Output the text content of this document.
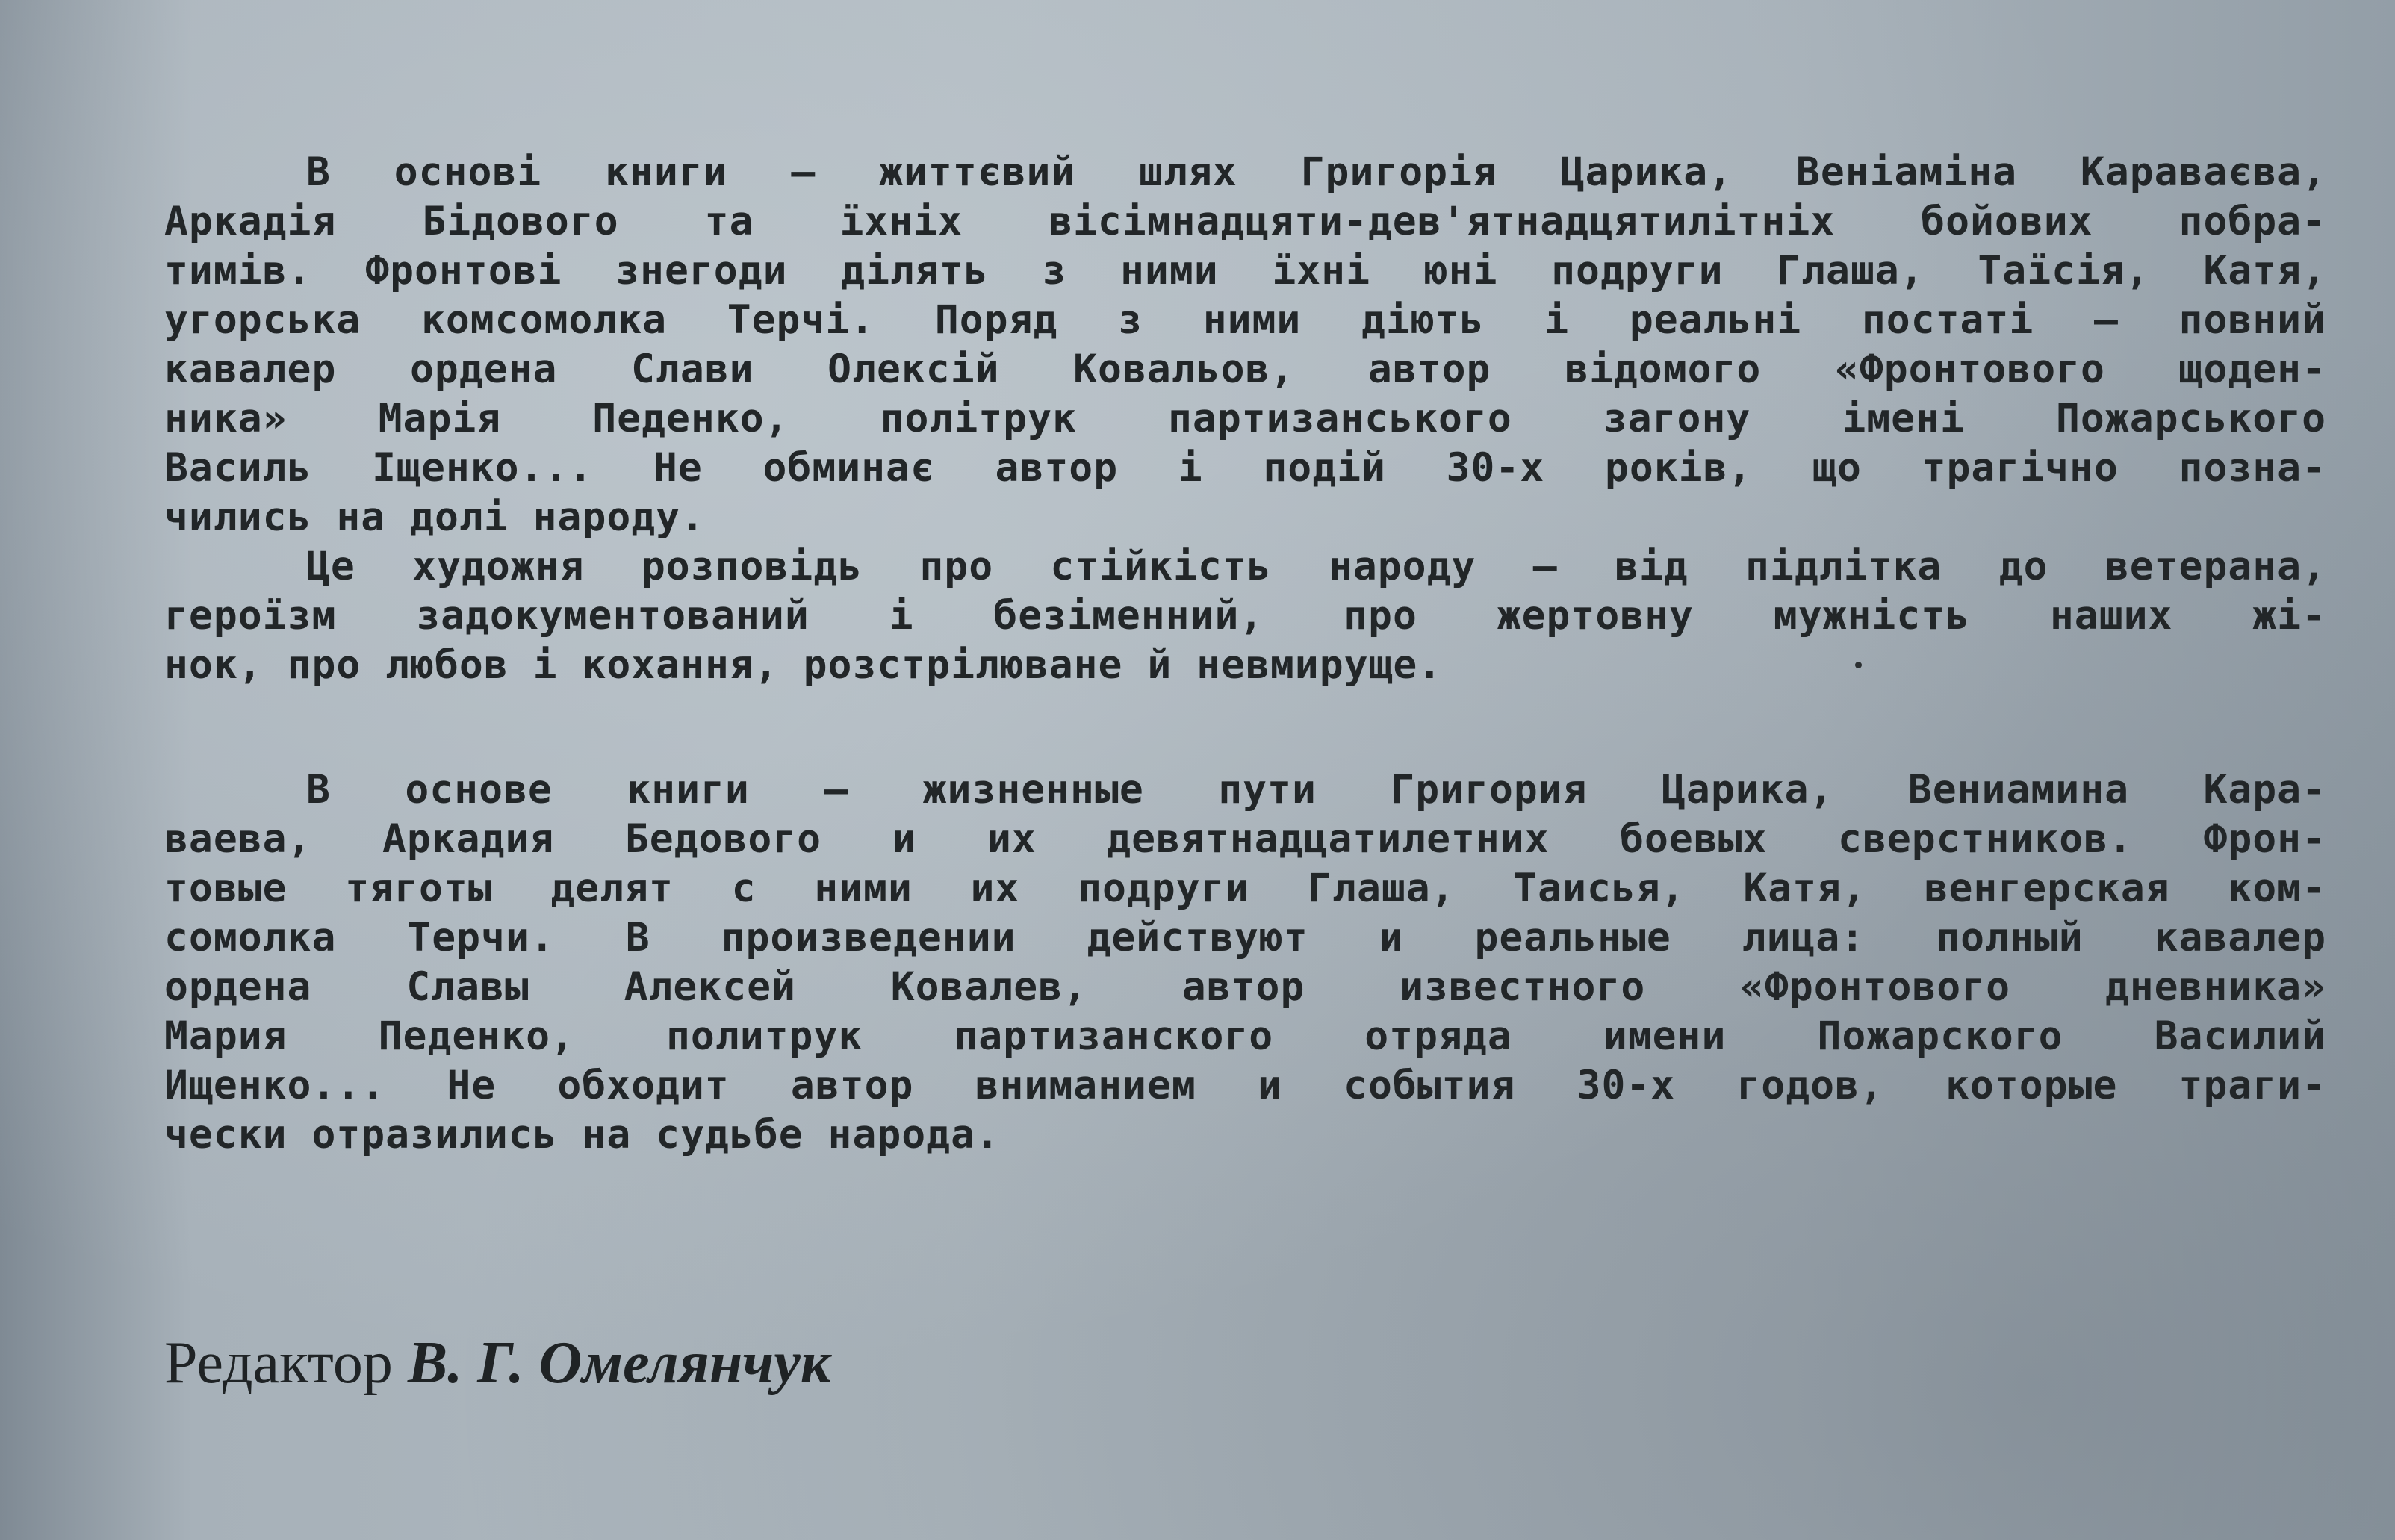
В основі книги — життєвий шлях Григорія Царика, Веніаміна Караваєва,
Аркадія Бідового та їхніх вісімнадцяти-дев'ятнадцятилітніх бойових побра-
тимів. Фронтові знегоди ділять з ними їхні юні подруги Глаша, Таїсія, Катя,
угорська комсомолка Терчі. Поряд з ними діють і реальні постаті — повний
кавалер ордена Слави Олексій Ковальов, автор відомого «Фронтового щоден-
ника» Марія Педенко, політрук партизанського загону імені Пожарського
Василь Іщенко... Не обминає автор і подій 30-х років, що трагічно позна-
чились на долі народу.
Це художня розповідь про стійкість народу — від підлітка до ветерана,
героїзм задокументований і безіменний, про жертовну мужність наших жі-
нок, про любов і кохання, розстрілюване й невмируще.
В основе книги — жизненные пути Григория Царика, Вениамина Кара-
ваева, Аркадия Бедового и их девятнадцатилетних боевых сверстников. Фрон-
товые тяготы делят с ними их подруги Глаша, Таисья, Катя, венгерская ком-
сомолка Терчи. В произведении действуют и реальные лица: полный кавалер
ордена Славы Алексей Ковалев, автор известного «Фронтового дневника»
Мария Педенко, политрук партизанского отряда имени Пожарского Василий
Ищенко... Не обходит автор вниманием и события 30-х годов, которые траги-
чески отразились на судьбе народа.
Редактор В. Г. Омелянчук
